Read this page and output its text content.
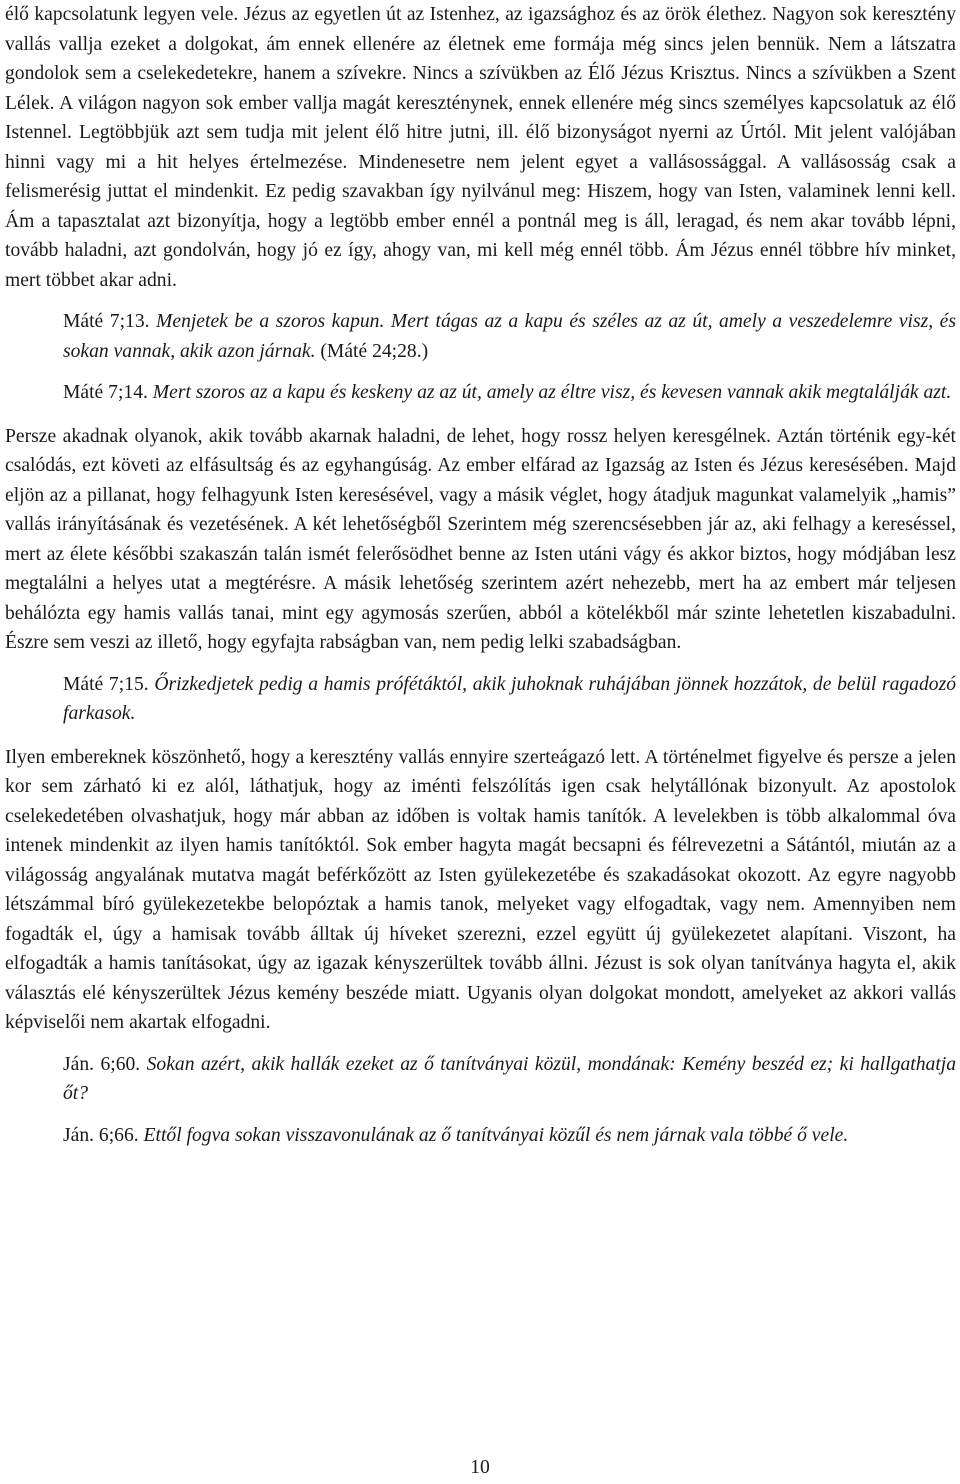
élő kapcsolatunk legyen vele. Jézus az egyetlen út az Istenhez, az igazsághoz és az örök élethez. Nagyon sok keresztény vallás vallja ezeket a dolgokat, ám ennek ellenére az életnek eme formája még sincs jelen bennük. Nem a látszatra gondolok sem a cselekedetekre, hanem a szívekre. Nincs a szívükben az Élő Jézus Krisztus. Nincs a szívükben a Szent Lélek. A világon nagyon sok ember vallja magát kereszténynek, ennek ellenére még sincs személyes kapcsolatuk az élő Istennel. Legtöbbjük azt sem tudja mit jelent élő hitre jutni, ill. élő bizonyságot nyerni az Úrtól. Mit jelent valójában hinni vagy mi a hit helyes értelmezése. Mindenesetre nem jelent egyet a vallásossággal. A vallásosság csak a felismerésig juttat el mindenkit. Ez pedig szavakban így nyilvánul meg: Hiszem, hogy van Isten, valaminek lenni kell. Ám a tapasztalat azt bizonyítja, hogy a legtöbb ember ennél a pontnál meg is áll, leragad, és nem akar tovább lépni, tovább haladni, azt gondolván, hogy jó ez így, ahogy van, mi kell még ennél több. Ám Jézus ennél többre hív minket, mert többet akar adni.

Máté 7;13. Menjetek be a szoros kapun. Mert tágas az a kapu és széles az az út, amely a veszedelemre visz, és sokan vannak, akik azon járnak. (Máté 24;28.)

Máté 7;14. Mert szoros az a kapu és keskeny az az út, amely az éltre visz, és kevesen vannak akik megtalálják azt.

Persze akadnak olyanok, akik tovább akarnak haladni, de lehet, hogy rossz helyen keresgélnek. Aztán történik egy-két csalódás, ezt követi az elfásultság és az egyhangúság. Az ember elfárad az Igazság az Isten és Jézus keresésében. Majd eljön az a pillanat, hogy felhagyunk Isten keresésével, vagy a másik véglet, hogy átadjuk magunkat valamelyik „hamis” vallás irányításának és vezetésének. A két lehetőségből Szerintem még szerencsésebben jár az, aki felhagy a kereséssel, mert az élete későbbi szakaszán talán ismét felerősödhet benne az Isten utáni vágy és akkor biztos, hogy módjában lesz megtalálni a helyes utat a megtérésre. A másik lehetőség szerintem azért nehezebb, mert ha az embert már teljesen behálózta egy hamis vallás tanai, mint egy agymosás szerűen, abból a kötelékből már szinte lehetetlen kiszabadulni. Észre sem veszi az illető, hogy egyfajta rabságban van, nem pedig lelki szabadságban.

Máté 7;15. Őrizkedjetek pedig a hamis prófétáktól, akik juhoknak ruhájában jönnek hozzátok, de belül ragadozó farkasok.

Ilyen embereknek köszönhető, hogy a keresztény vallás ennyire szerteágazó lett. A történelmet figyelve és persze a jelen kor sem zárható ki ez alól, láthatjuk, hogy az iménti felszólítás igen csak helytállónak bizonyult. Az apostolok cselekedetében olvashatjuk, hogy már abban az időben is voltak hamis tanítók. A levelekben is több alkalommal óva intenek mindenkit az ilyen hamis tanítóktól. Sok ember hagyta magát becsapni és félrevezetni a Sátántól, miután az a világosság angyalának mutatva magát beférkőzött az Isten gyülekezetébe és szakadásokat okozott. Az egyre nagyobb létszámmal bíró gyülekezetekbe belopóztak a hamis tanok, melyeket vagy elfogadtak, vagy nem. Amennyiben nem fogadták el, úgy a hamisak tovább álltak új híveket szerezni, ezzel együtt új gyülekezetet alapítani. Viszont, ha elfogadták a hamis tanításokat, úgy az igazak kényszerültek tovább állni. Jézust is sok olyan tanítványa hagyta el, akik választás elé kényszerültek Jézus kemény beszéde miatt. Ugyanis olyan dolgokat mondott, amelyeket az akkori vallás képviselői nem akartak elfogadni.

Ján. 6;60. Sokan azért, akik hallák ezeket az ő tanítványai közül, mondának: Kemény beszéd ez; ki hallgathatja őt?

Ján. 6;66. Ettől fogva sokan visszavonulának az ő tanítványai közűl és nem járnak vala többé ő vele.

10
